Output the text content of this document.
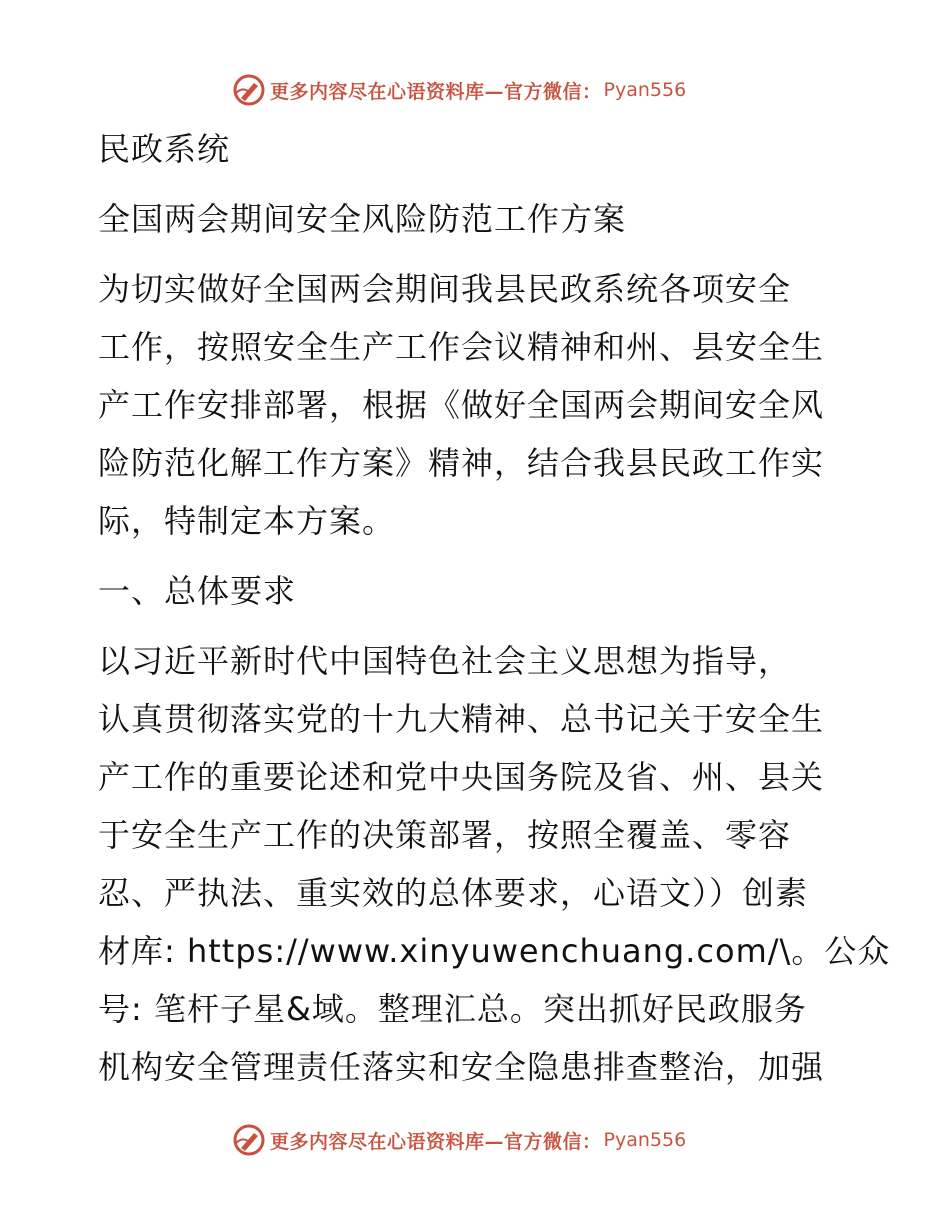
更多内容尽在心语资料库— 官方微信： Pyan556
民政系统
全国两会期间安全风险防范工作方案
为切实做好全国两会期间我县民政系统各项安全
工作，按照安全生产工作会议精神和州、县安全生
产工作安排部署，根据《做好全国两会期间安全风
险防范化解工作方案》精神，结合我县民政工作实
际，特制定本方案。
一、总体要求
以习近平新时代中国特色社会主义思想为指导，
认真贯彻落实党的十九大精神、总书记关于安全生
产工作的重要论述和党中央国务院及省、州、县关
于安全生产工作的决策部署，按照全覆盖、零容
忍、严执法、重实效的总体要求，心语文））创素
材库: https://www.xinyuwenchuang.com/\。公众
号: 笔杆子星&域。整理汇总。突出抓好民政服务
机构安全管理责任落实和安全隐患排查整治，加强
更多内容尽在心语资料库— 官方微信： Pyan556
